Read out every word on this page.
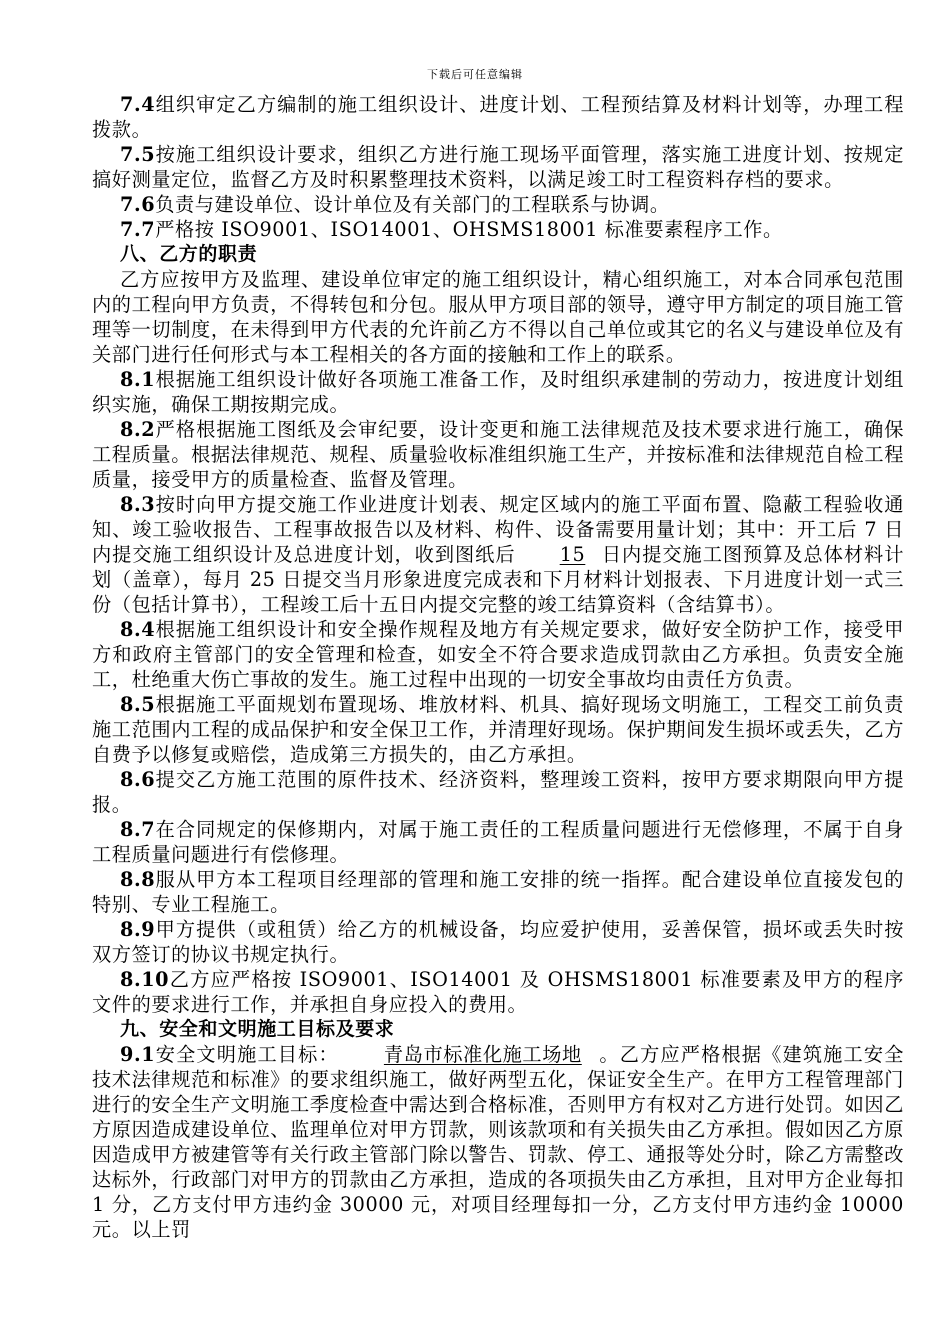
下载后可任意编辑

7.4组织审定乙方编制的施工组织设计、进度计划、工程预结算及材料计划等，办理工程拨款。

7.5按施工组织设计要求，组织乙方进行施工现场平面管理，落实施工进度计划、按规定搞好测量定位，监督乙方及时积累整理技术资料，以满足竣工时工程资料存档的要求。

7.6负责与建设单位、设计单位及有关部门的工程联系与协调。

7.7严格按 ISO9001、ISO14001、OHSMS18001 标准要素程序工作。

八、乙方的职责

乙方应按甲方及监理、建设单位审定的施工组织设计，精心组织施工，对本合同承包范围内的工程向甲方负责，不得转包和分包。服从甲方项目部的领导，遵守甲方制定的项目施工管理等一切制度，在未得到甲方代表的允许前乙方不得以自己单位或其它的名义与建设单位及有关部门进行任何形式与本工程相关的各方面的接触和工作上的联系。

8.1根据施工组织设计做好各项施工准备工作，及时组织承建制的劳动力，按进度计划组织实施，确保工期按期完成。

8.2严格根据施工图纸及会审纪要，设计变更和施工法律规范及技术要求进行施工，确保工程质量。根据法律规范、规程、质量验收标准组织施工生产，并按标准和法律规范自检工程质量，接受甲方的质量检查、监督及管理。

8.3按时向甲方提交施工作业进度计划表、规定区域内的施工平面布置、隐蔽工程验收通知、竣工验收报告、工程事故报告以及材料、构件、设备需要用量计划；其中：开工后 7 日内提交施工组织设计及总进度计划，收到图纸后 15 日内提交施工图预算及总体材料计划（盖章），每月 25 日提交当月形象进度完成表和下月材料计划报表、下月进度计划一式三份（包括计算书），工程竣工后十五日内提交完整的竣工结算资料（含结算书）。

8.4根据施工组织设计和安全操作规程及地方有关规定要求，做好安全防护工作，接受甲方和政府主管部门的安全管理和检查，如安全不符合要求造成罚款由乙方承担。负责安全施工，杜绝重大伤亡事故的发生。施工过程中出现的一切安全事故均由责任方负责。

8.5根据施工平面规划布置现场、堆放材料、机具、搞好现场文明施工，工程交工前负责施工范围内工程的成品保护和安全保卫工作，并清理好现场。保护期间发生损坏或丢失，乙方自费予以修复或赔偿，造成第三方损失的，由乙方承担。

8.6提交乙方施工范围的原件技术、经济资料，整理竣工资料，按甲方要求期限向甲方提报。

8.7在合同规定的保修期内，对属于施工责任的工程质量问题进行无偿修理，不属于自身工程质量问题进行有偿修理。

8.8服从甲方本工程项目经理部的管理和施工安排的统一指挥。配合建设单位直接发包的特别、专业工程施工。

8.9甲方提供（或租赁）给乙方的机械设备，均应爱护使用，妥善保管，损坏或丢失时按双方签订的协议书规定执行。

8.10乙方应严格按 ISO9001、ISO14001 及 OHSMS18001 标准要素及甲方的程序文件的要求进行工作，并承担自身应投入的费用。

九、安全和文明施工目标及要求

9.1安全文明施工目标： 青岛市标准化施工场地 。乙方应严格根据《建筑施工安全技术法律规范和标准》的要求组织施工，做好两型五化，保证安全生产。在甲方工程管理部门进行的安全生产文明施工季度检查中需达到合格标准，否则甲方有权对乙方进行处罚。如因乙方原因造成建设单位、监理单位对甲方罚款，则该款项和有关损失由乙方承担。假如因乙方原因造成甲方被建管等有关行政主管部门除以警告、罚款、停工、通报等处分时，除乙方需整改达标外，行政部门对甲方的罚款由乙方承担，造成的各项损失由乙方承担，且对甲方企业每扣 1 分，乙方支付甲方违约金 30000 元，对项目经理每扣一分，乙方支付甲方违约金 10000 元。以上罚
